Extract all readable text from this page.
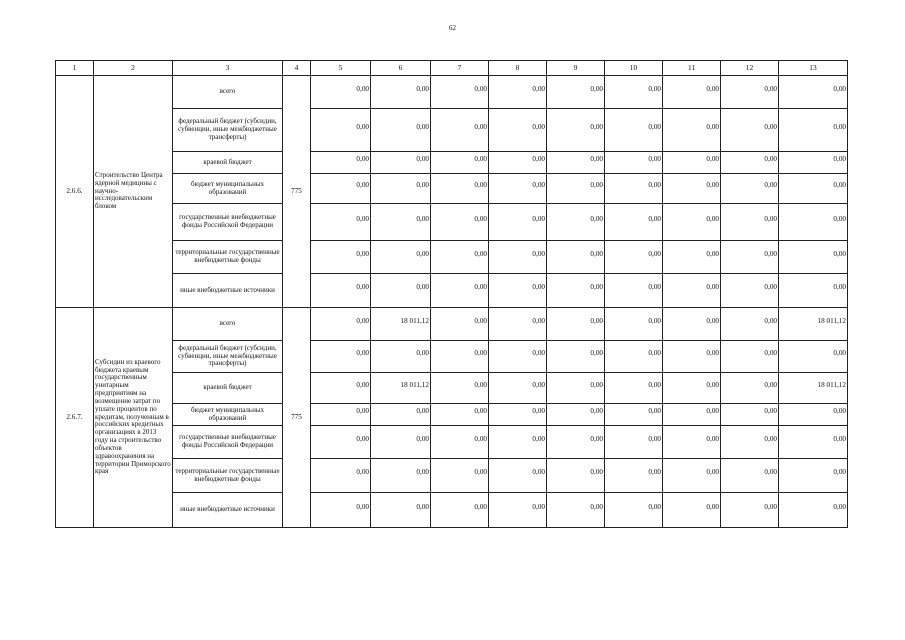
62
1	2	3	4	5	6	7	8	9	10	11	12	13
2.6.6.	Строительство Центра ядерной медицины с научно-исследовательским блоком	всего	775	0,00	0,00	0,00	0,00	0,00	0,00	0,00	0,00	0,00
		федеральный бюджет (субсидии, субвенции, иные межбюджетные трансферты)		0,00	0,00	0,00	0,00	0,00	0,00	0,00	0,00	0,00
		краевой бюджет		0,00	0,00	0,00	0,00	0,00	0,00	0,00	0,00	0,00
		бюджет муниципальных образований		0,00	0,00	0,00	0,00	0,00	0,00	0,00	0,00	0,00
		государственные внебюджетные фонды Российской Федерации		0,00	0,00	0,00	0,00	0,00	0,00	0,00	0,00	0,00
		территориальные государственные внебюджетные фонды		0,00	0,00	0,00	0,00	0,00	0,00	0,00	0,00	0,00
		иные внебюджетные источники		0,00	0,00	0,00	0,00	0,00	0,00	0,00	0,00	0,00
2.6.7.	Субсидии из краевого бюджета краевым государственным унитарным предприятиям на возмещение затрат по уплате процентов по кредитам, полученным в российских кредитных организациях в 2013 году на строительство объектов здравоохранения на территории Приморского края	всего	775	0,00	18 011,12	0,00	0,00	0,00	0,00	0,00	0,00	18 011,12
		федеральный бюджет (субсидии, субвенции, иные межбюджетные трансферты)		0,00	0,00	0,00	0,00	0,00	0,00	0,00	0,00	0,00
		краевой бюджет		0,00	18 011,12	0,00	0,00	0,00	0,00	0,00	0,00	18 011,12
		бюджет муниципальных образований		0,00	0,00	0,00	0,00	0,00	0,00	0,00	0,00	0,00
		государственные внебюджетные фонды Российской Федерации		0,00	0,00	0,00	0,00	0,00	0,00	0,00	0,00	0,00
		территориальные государственные внебюджетные фонды		0,00	0,00	0,00	0,00	0,00	0,00	0,00	0,00	0,00
		иные внебюджетные источники		0,00	0,00	0,00	0,00	0,00	0,00	0,00	0,00	0,00
